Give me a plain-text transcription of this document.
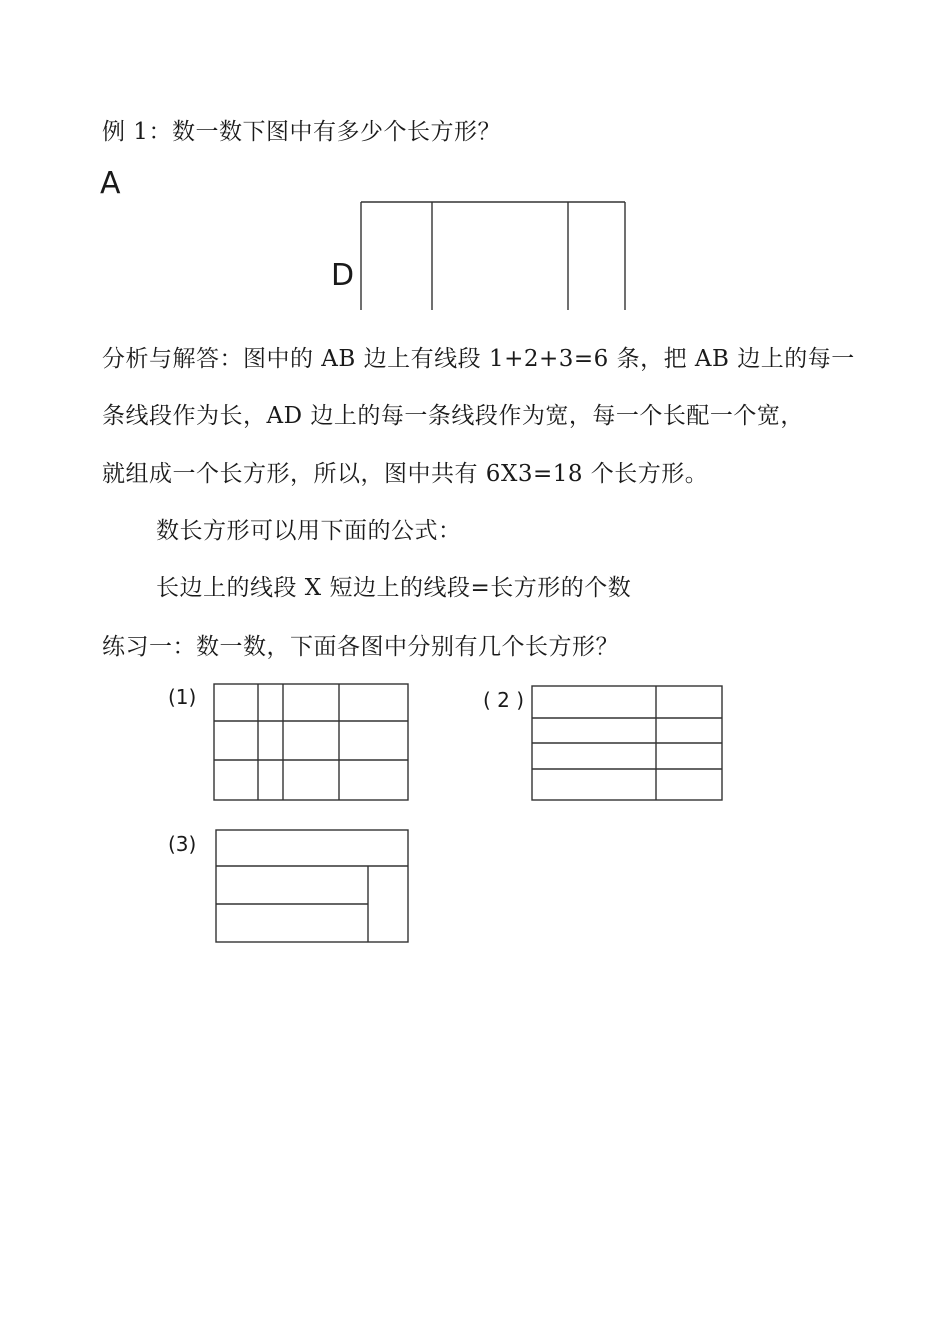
例 1：数一数下图中有多少个长方形？
A
D
分析与解答：图中的 AB 边上有线段 1+2+3=6 条，把 AB 边上的每一
条线段作为长，AD 边上的每一条线段作为宽，每一个长配一个宽，
就组成一个长方形，所以，图中共有 6X3=18 个长方形。
数长方形可以用下面的公式：
长边上的线段 X 短边上的线段=长方形的个数
练习一：数一数，下面各图中分别有几个长方形？
(1)	( 2 )
(3)
